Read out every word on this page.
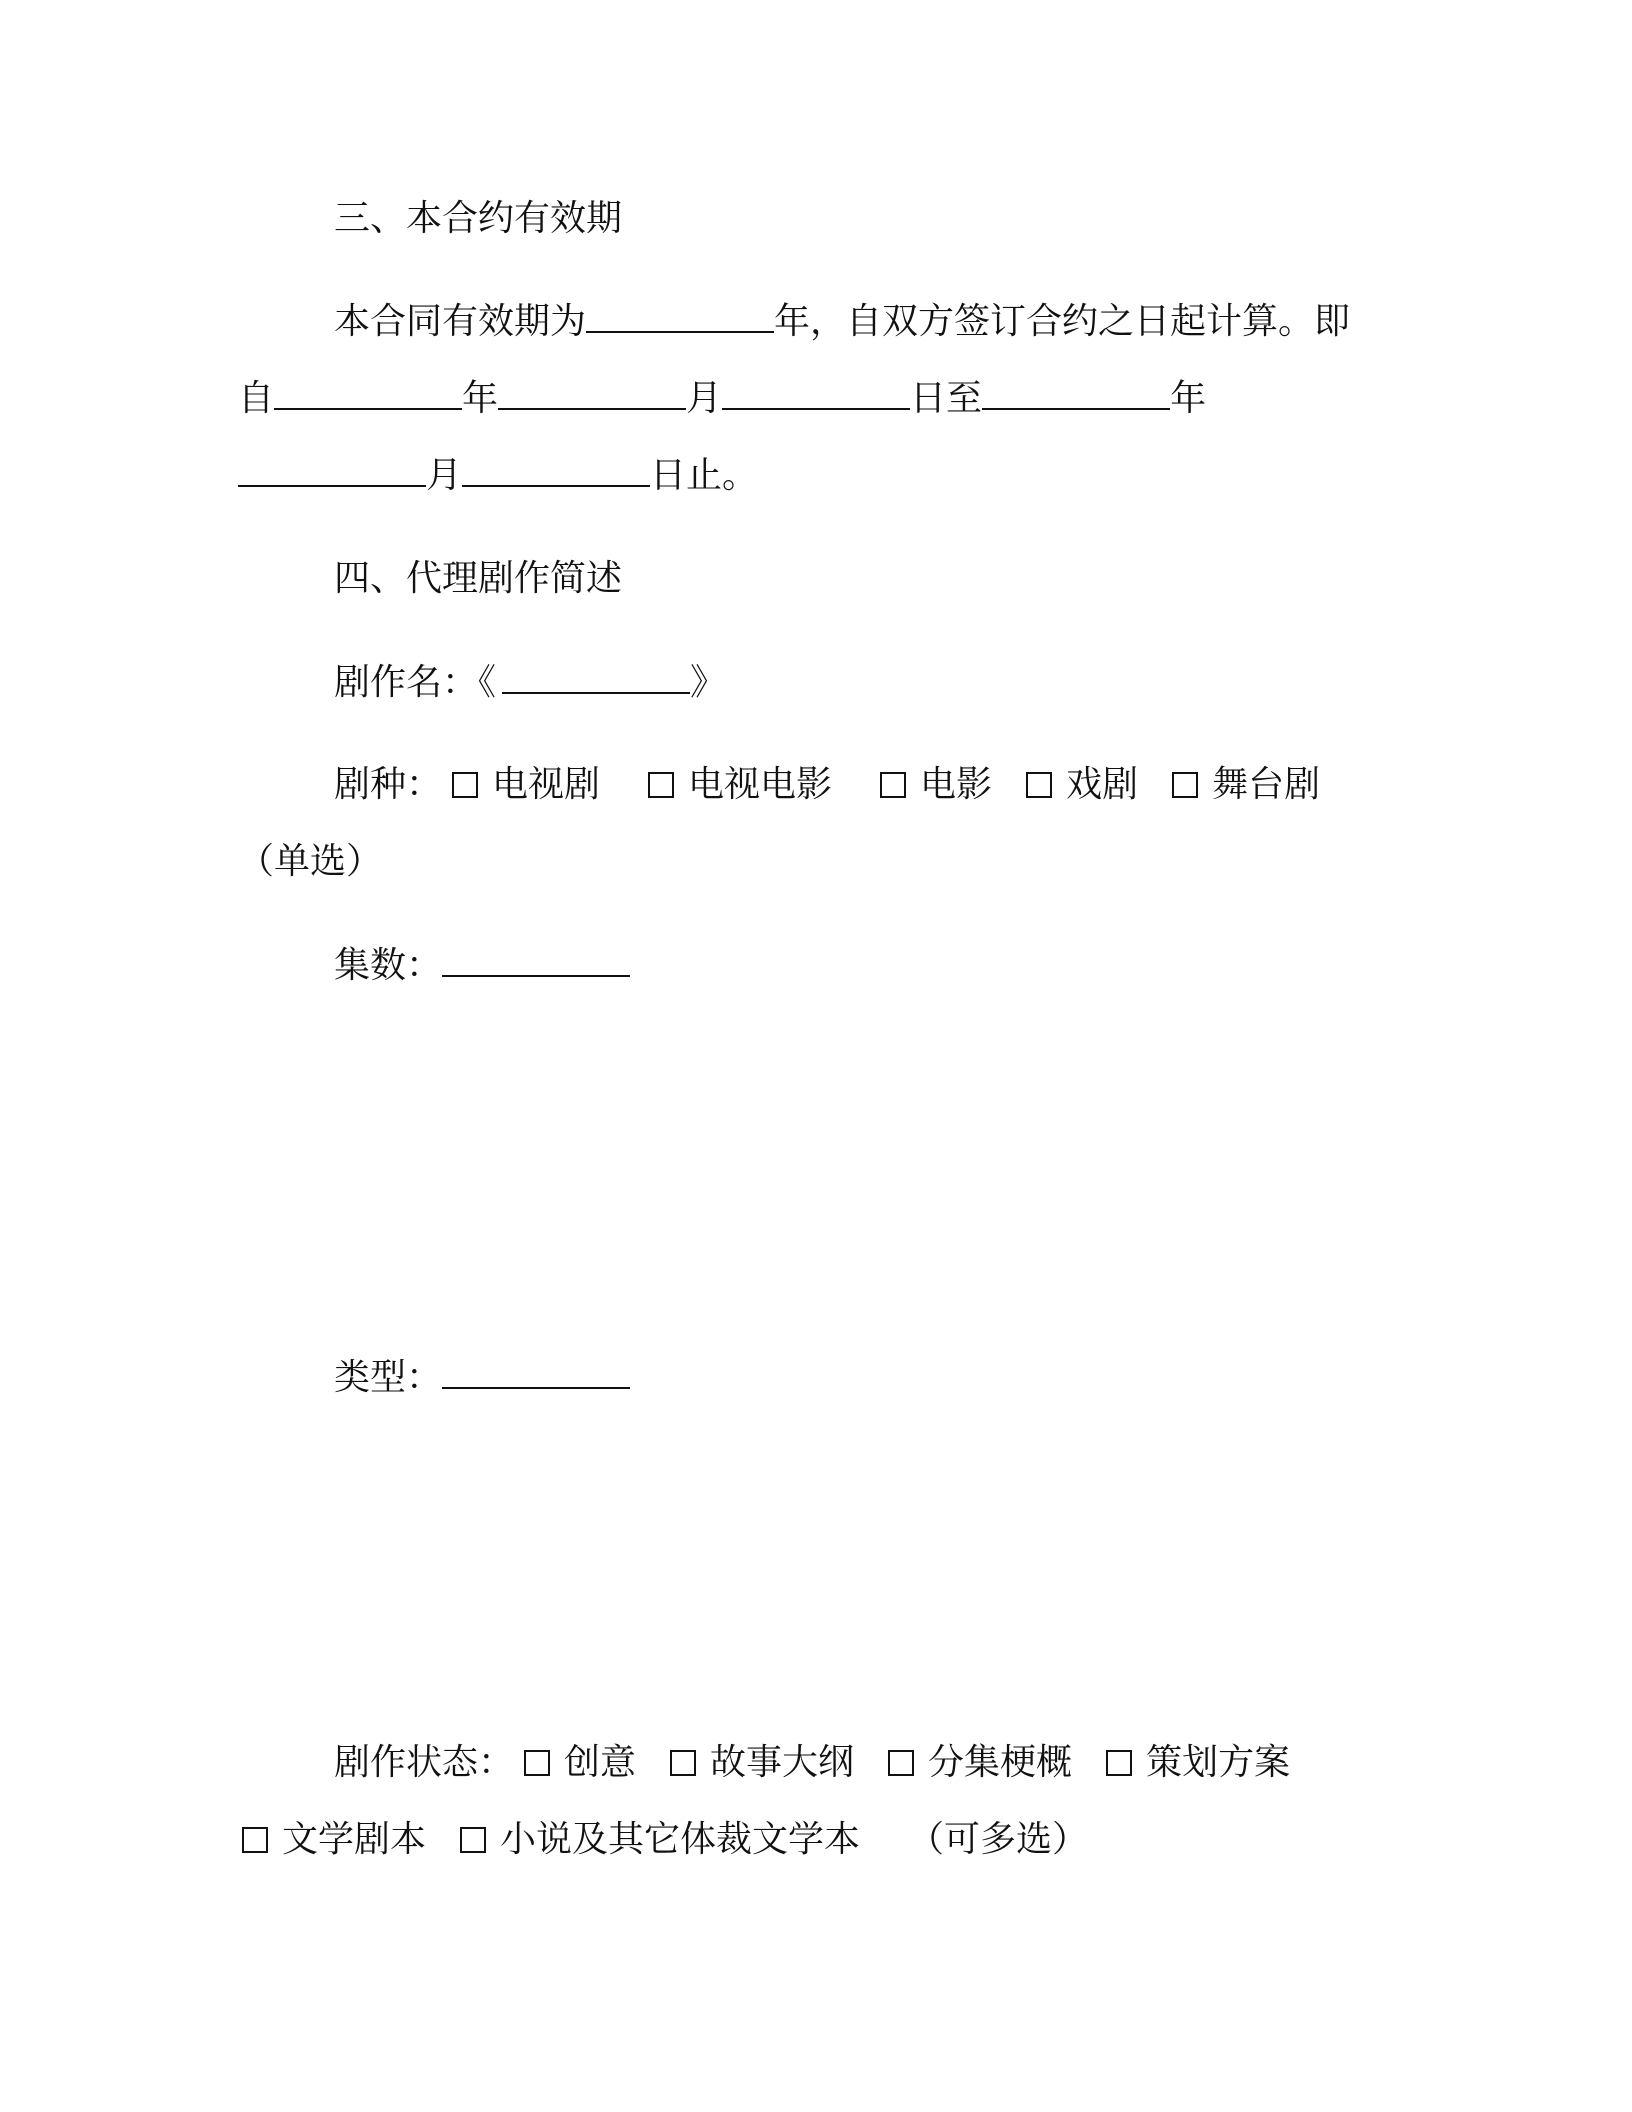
三、本合约有效期
本合同有效期为	年，自双方签订合约之日起计算。即
自	年	月	日至	年
月	日止。
四、代理剧作简述
剧作名：《	》
剧种： 电视剧 电视电影 电影 戏剧 舞台剧
（单选）
集数：
类型：
剧作状态： 创意 故事大纲 分集梗概 策划方案
文学剧本 小说及其它体裁文学本 （可多选）
